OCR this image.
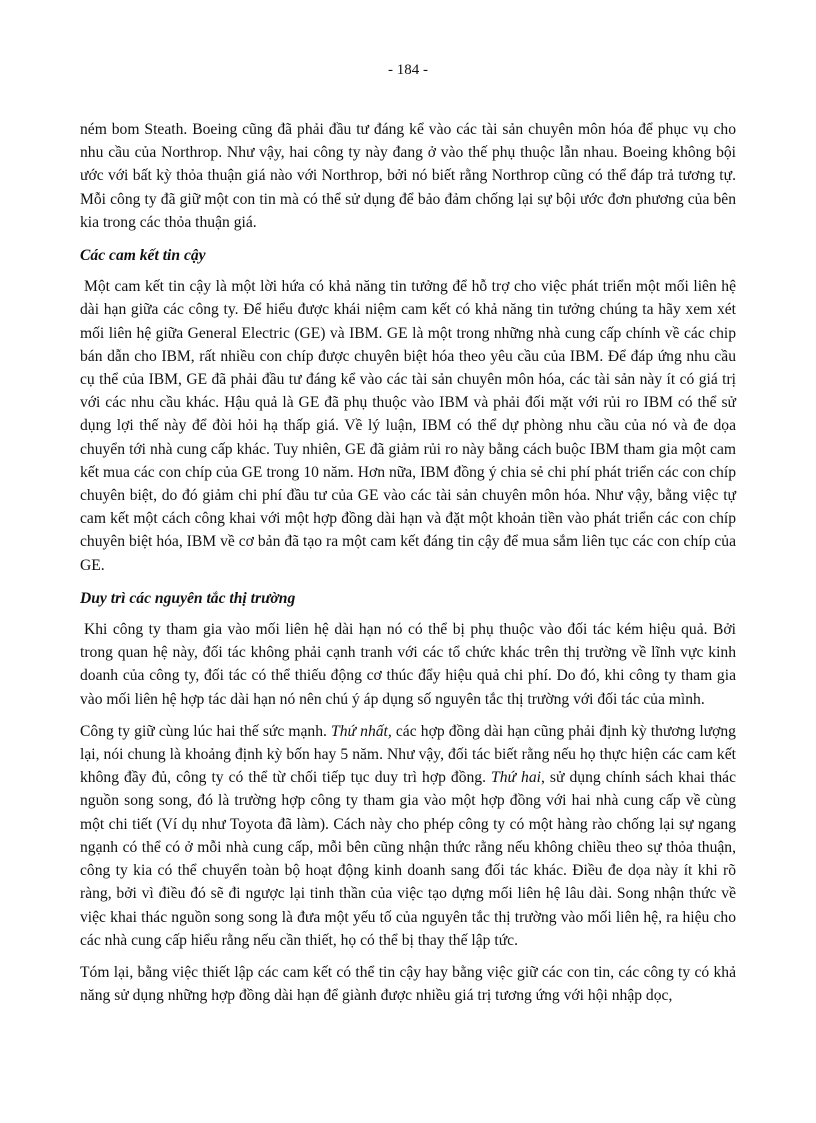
- 184 -

ném bom Steath. Boeing cũng đã phải đầu tư đáng kể vào các tài sản chuyên môn hóa để phục vụ cho nhu cầu của Northrop. Như vậy, hai công ty này đang ở vào thế phụ thuộc lẫn nhau. Boeing không bội ước với bất kỳ thỏa thuận giá nào với Northrop, bởi nó biết rằng Northrop cũng có thể đáp trả tương tự. Mỗi công ty đã giữ một con tin mà có thể sử dụng để bảo đảm chống lại sự bội ước đơn phương của bên kia trong các thỏa thuận giá.

Các cam kết tin cậy

Một cam kết tin cậy là một lời hứa có khả năng tin tưởng để hỗ trợ cho việc phát triển một mối liên hệ dài hạn giữa các công ty. Để hiểu được khái niệm cam kết có khả năng tin tưởng chúng ta hãy xem xét mối liên hệ giữa General Electric (GE) và IBM. GE là một trong những nhà cung cấp chính về các chip bán dẫn cho IBM, rất nhiều con chíp được chuyên biệt hóa theo yêu cầu của IBM. Để đáp ứng nhu cầu cụ thể của IBM, GE đã phải đầu tư đáng kể vào các tài sản chuyên môn hóa, các tài sản này ít có giá trị với các nhu cầu khác. Hậu quả là GE đã phụ thuộc vào IBM và phải đối mặt với rủi ro IBM có thể sử dụng lợi thế này để đòi hỏi hạ thấp giá. Về lý luận, IBM có thể dự phòng nhu cầu của nó và đe dọa chuyển tới nhà cung cấp khác. Tuy nhiên, GE đã giảm rủi ro này bằng cách buộc IBM tham gia một cam kết mua các con chíp của GE trong 10 năm. Hơn nữa, IBM đồng ý chia sẻ chi phí phát triển các con chíp chuyên biệt, do đó giảm chi phí đầu tư của GE vào các tài sản chuyên môn hóa. Như vậy, bằng việc tự cam kết một cách công khai với một hợp đồng dài hạn và đặt một khoản tiền vào phát triển các con chíp chuyên biệt hóa, IBM về cơ bản đã tạo ra một cam kết đáng tin cậy để mua sắm liên tục các con chíp của GE.

Duy trì các nguyên tắc thị trường

Khi công ty tham gia vào mối liên hệ dài hạn nó có thể bị phụ thuộc vào đối tác kém hiệu quả. Bởi trong quan hệ này, đối tác không phải cạnh tranh với các tổ chức khác trên thị trường về lĩnh vực kinh doanh của công ty, đối tác có thể thiếu động cơ thúc đẩy hiệu quả chi phí. Do đó, khi công ty tham gia vào mối liên hệ hợp tác dài hạn nó nên chú ý áp dụng số nguyên tắc thị trường với đối tác của mình.

Công ty giữ cùng lúc hai thế sức mạnh. Thứ nhất, các hợp đồng dài hạn cũng phải định kỳ thương lượng lại, nói chung là khoảng định kỳ bốn hay 5 năm. Như vậy, đối tác biết rằng nếu họ thực hiện các cam kết không đầy đủ, công ty có thể từ chối tiếp tục duy trì hợp đồng. Thứ hai, sử dụng chính sách khai thác nguồn song song, đó là trường hợp công ty tham gia vào một hợp đồng với hai nhà cung cấp về cùng một chi tiết (Ví dụ như Toyota đã làm). Cách này cho phép công ty có một hàng rào chống lại sự ngang ngạnh có thể có ở mỗi nhà cung cấp, mỗi bên cũng nhận thức rằng nếu không chiều theo sự thỏa thuận, công ty kia có thể chuyển toàn bộ hoạt động kinh doanh sang đối tác khác. Điều đe dọa này ít khi rõ ràng, bởi vì điều đó sẽ đi ngược lại tinh thần của việc tạo dựng mối liên hệ lâu dài. Song nhận thức về việc khai thác nguồn song song là đưa một yếu tố của nguyên tắc thị trường vào mối liên hệ, ra hiệu cho các nhà cung cấp hiểu rằng nếu cần thiết, họ có thể bị thay thế lập tức.

Tóm lại, bằng việc thiết lập các cam kết có thể tin cậy hay bằng việc giữ các con tin, các công ty có khả năng sử dụng những hợp đồng dài hạn để giành được nhiều giá trị tương ứng với hội nhập dọc,
